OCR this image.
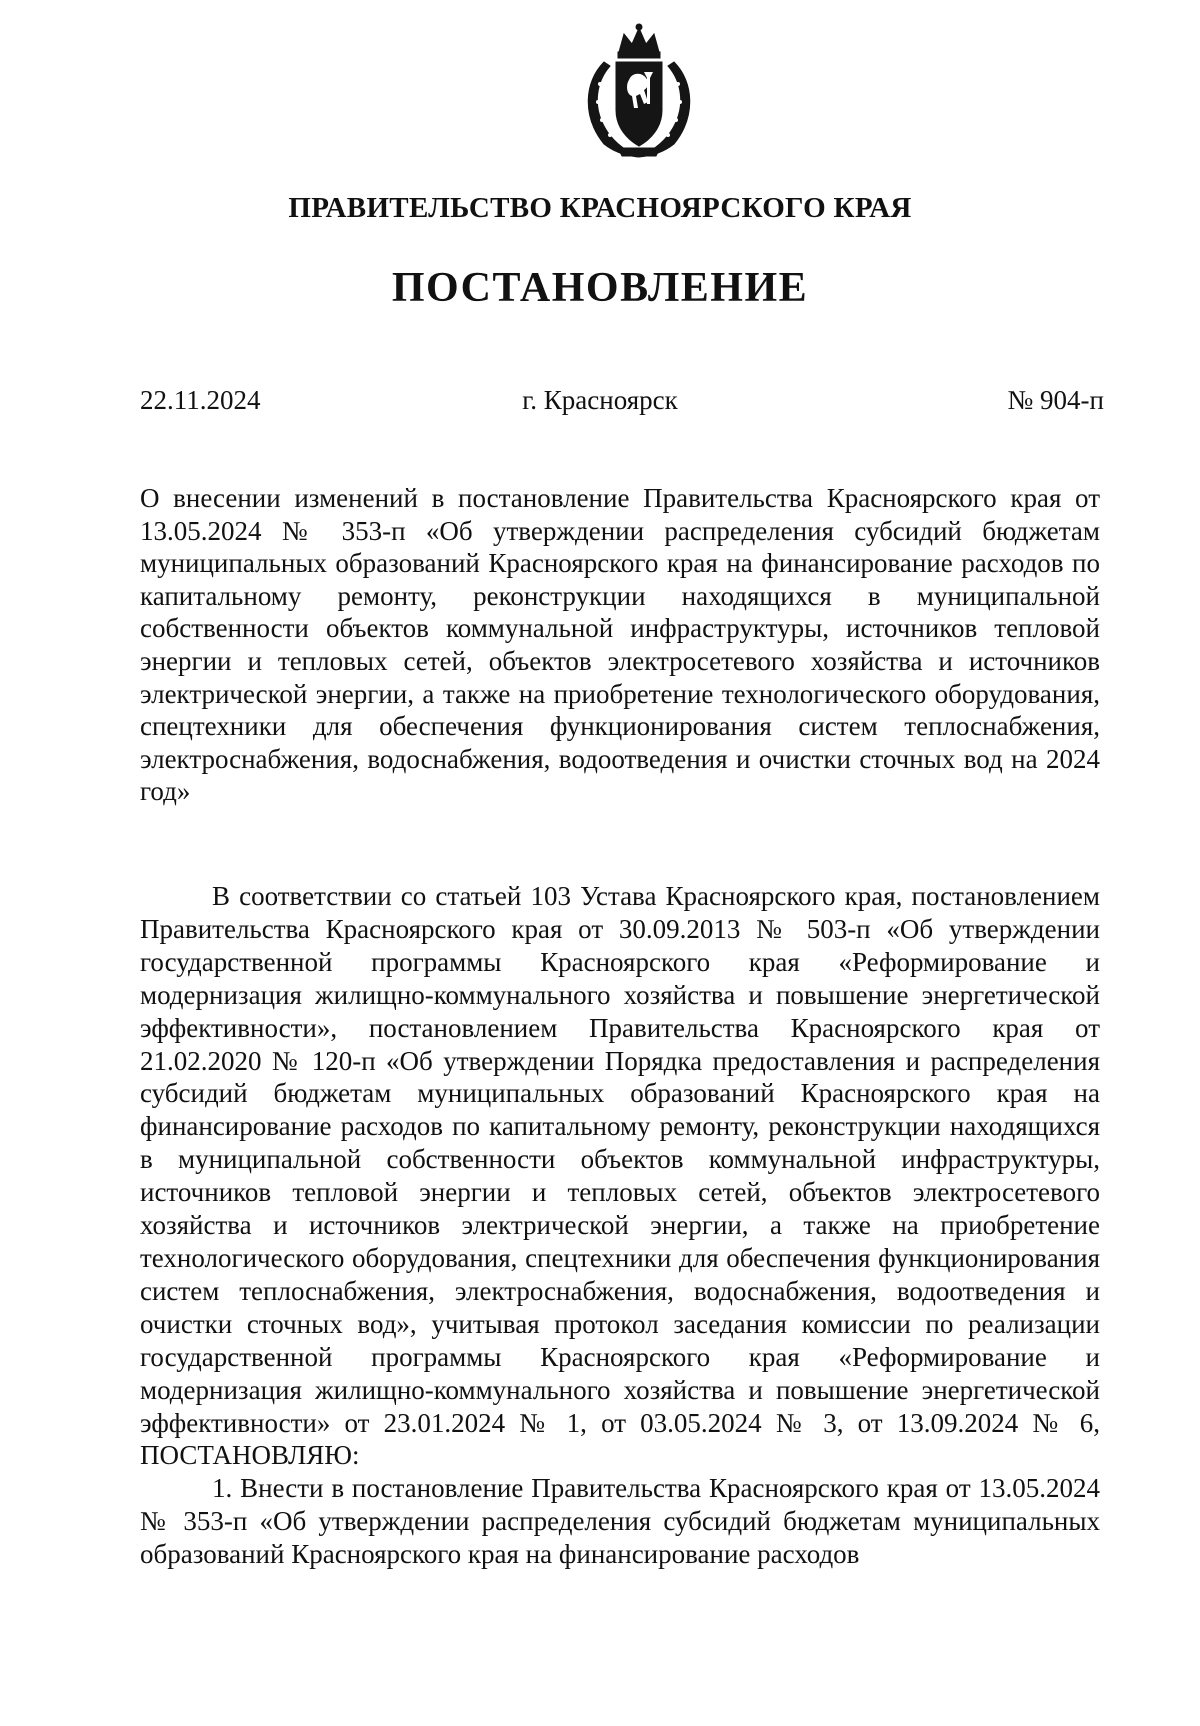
ПРАВИТЕЛЬСТВО КРАСНОЯРСКОГО КРАЯ
ПОСТАНОВЛЕНИЕ
г. Красноярск
22.11.2024	№ 904-п
О внесении изменений в постановление Правительства Красноярского края от 13.05.2024 № 353-п «Об утверждении распределения субсидий бюджетам муниципальных образований Красноярского края на финансирование расходов по капитальному ремонту, реконструкции находящихся в муниципальной собственности объектов коммунальной инфраструктуры, источников тепловой энергии и тепловых сетей, объектов электросетевого хозяйства и источников электрической энергии, а также на приобретение технологического оборудования, спецтехники для обеспечения функционирования систем теплоснабжения, электроснабжения, водоснабжения, водоотведения и очистки сточных вод на 2024 год»

В соответствии со статьей 103 Устава Красноярского края, постановлением Правительства Красноярского края от 30.09.2013 № 503-п «Об утверждении государственной программы Красноярского края «Реформирование и модернизация жилищно-коммунального хозяйства и повышение энергетической эффективности», постановлением Правительства Красноярского края от 21.02.2020 № 120-п «Об утверждении Порядка предоставления и распределения субсидий бюджетам муниципальных образований Красноярского края на финансирование расходов по капитальному ремонту, реконструкции находящихся в муниципальной собственности объектов коммунальной инфраструктуры, источников тепловой энергии и тепловых сетей, объектов электросетевого хозяйства и источников электрической энергии, а также на приобретение технологического оборудования, спецтехники для обеспечения функционирования систем теплоснабжения, электроснабжения, водоснабжения, водоотведения и очистки сточных вод», учитывая протокол заседания комиссии по реализации государственной программы Красноярского края «Реформирование и модернизация жилищно-коммунального хозяйства и повышение энергетической эффективности» от 23.01.2024 № 1, от 03.05.2024 № 3, от 13.09.2024 № 6, ПОСТАНОВЛЯЮ:

1. Внести в постановление Правительства Красноярского края от 13.05.2024 № 353-п «Об утверждении распределения субсидий бюджетам муниципальных образований Красноярского края на финансирование расходов
